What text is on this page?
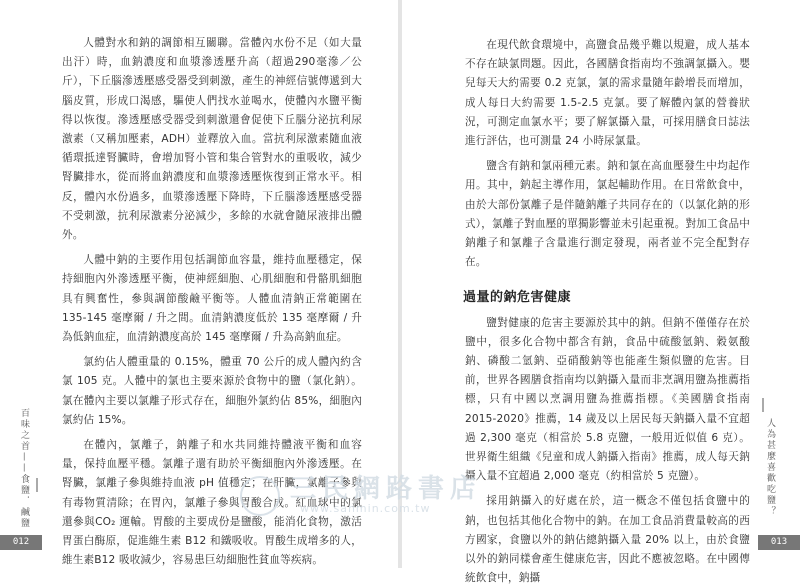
人體對水和鈉的調節相互關聯。當體內水份不足（如大量出汗）時，血鈉濃度和血漿滲透壓升高（超過290毫滲／公斤），下丘腦滲透壓感受器受到刺激，產生的神經信號傳遞到大腦皮質，形成口渴感，驅使人們找水並喝水，使體內水鹽平衡得以恢復。滲透壓感受器受到刺激還會促使下丘腦分泌抗利尿激素（又稱加壓素，ADH）並釋放入血。當抗利尿激素隨血液循環抵達腎臟時，會增加腎小管和集合管對水的重吸收，減少腎臟排水，從而將血鈉濃度和血漿滲透壓恢復到正常水平。相反，體內水份過多，血漿滲透壓下降時，下丘腦滲透壓感受器不受刺激，抗利尿激素分泌減少，多餘的水就會隨尿液排出體外。

人體中鈉的主要作用包括調節血容量，維持血壓穩定，保持細胞內外滲透壓平衡，使神經細胞、心肌細胞和骨骼肌細胞具有興奮性，參與調節酸鹼平衡等。人體血清鈉正常範圍在135-145 毫摩爾 / 升之間。血清鈉濃度低於 135 毫摩爾 / 升為低鈉血症，血清鈉濃度高於 145 毫摩爾 / 升為高鈉血症。

氯約佔人體重量的 0.15%，體重 70 公斤的成人體內約含氯 105 克。人體中的氯也主要來源於食物中的鹽（氯化鈉）。氯在體內主要以氯離子形式存在，細胞外氯約佔 85%，細胞內氯約佔 15%。

在體內，氯離子，鈉離子和水共同維持體液平衡和血容量，保持血壓平穩。氯離子還有助於平衡細胞內外滲透壓。在腎臟，氯離子參與維持血液 pH 值穩定；在肝臟，氯離子參與有毒物質清除；在胃內，氯離子參與胃酸合成。紅血球中的氯還參與CO₂ 運輸。胃酸的主要成份是鹽酸，能消化食物，激活胃蛋白酶原，促進維生素 B12 和鐵吸收。胃酸生成增多的人，維生素B12 吸收減少，容易患巨幼細胞性貧血等疾病。

在現代飲食環境中，高鹽食品幾乎難以規避，成人基本不存在缺氯問題。因此，各國膳食指南均不強調氯攝入。嬰兒每天大約需要 0.2 克氯，氯的需求量隨年齡增長而增加，成人每日大約需要 1.5-2.5 克氯。要了解體內氯的營養狀況，可測定血氯水平；要了解氯攝入量，可採用膳食日誌法進行評估，也可測量 24 小時尿氯量。

鹽含有鈉和氯兩種元素。鈉和氯在高血壓發生中均起作用。其中，鈉起主導作用，氯起輔助作用。在日常飲食中，由於大部份氯離子是伴隨鈉離子共同存在的（以氯化鈉的形式），氯離子對血壓的單獨影響並未引起重視。對加工食品中鈉離子和氯離子含量進行測定發現，兩者並不完全配對存在。

過量的鈉危害健康

鹽對健康的危害主要源於其中的鈉。但鈉不僅僅存在於鹽中，很多化合物中都含有鈉，食品中硫酸氫鈉、穀氨酸鈉、磷酸二氫鈉、亞硝酸鈉等也能產生類似鹽的危害。目前，世界各國膳食指南均以鈉攝入量而非烹調用鹽為推薦指標，只有中國以烹調用鹽為推薦指標。《美國膳食指南 2015-2020》推薦，14 歲及以上居民每天鈉攝入量不宜超過 2,300 毫克（相當於 5.8 克鹽，一般用近似值 6 克）。世界衛生組織《兒童和成人鈉攝入指南》推薦，成人每天鈉攝入量不宜超過 2,000 毫克（約相當於 5 克鹽）。

採用鈉攝入的好處在於，這一概念不僅包括食鹽中的鈉，也包括其他化合物中的鈉。在加工食品消費量較高的西方國家，食鹽以外的鈉佔總鈉攝入量 20% 以上，由於食鹽以外的鈉同樣會產生健康危害，因此不應被忽略。在中國傳統飲食中，鈉攝

百味之首——食鹽．鹹鹽	人為甚麼喜歡吃鹽？
012	013
三民網路書店
www.sanmin.com.tw
